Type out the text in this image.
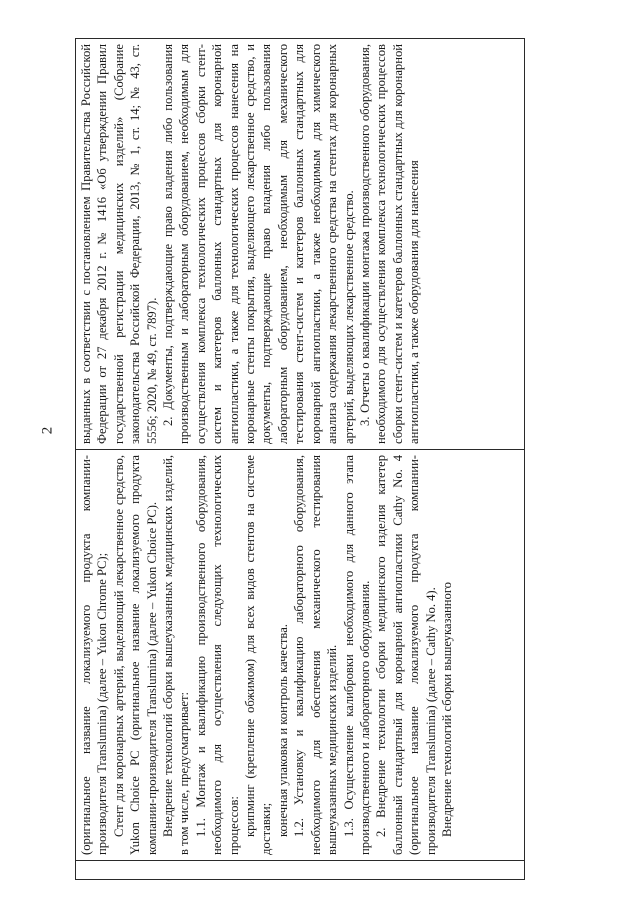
2

(оригинальное название локализуемого продукта компании-производителя Translumina) (далее – Yukon Chrome PC); Стент для коронарных артерий, выделяющий лекарственное средство, Yukon Choice PC (оригинальное название локализуемого продукта компании-производителя Translumina) (далее – Yukon Choice PC). Внедрение технологий сборки вышеуказанных медицинских изделий, в том числе, предусматривает: 1.1. Монтаж и квалификацию производственного оборудования, необходимого для осуществления следующих технологических процессов: крипминг (крепление обжимом) для всех видов стентов на системе доставки; конечная упаковка и контроль качества. 1.2. Установку и квалификацию лабораторного оборудования, необходимого для обеспечения механического тестирования вышеуказанных медицинских изделий. 1.3. Осуществление калибровки необходимого для данного этапа производственного и лабораторного оборудования. 2. Внедрение технологии сборки медицинского изделия катетер баллонный стандартный для коронарной ангиопластики Cathy No. 4 (оригинальное название локализуемого продукта компании-производителя Translumina) (далее – Cathy No. 4). Внедрение технологий сборки вышеуказанного

выданных в соответствии с постановлением Правительства Российской Федерации от 27 декабря 2012 г. № 1416 «Об утверждении Правил государственной регистрации медицинских изделий» (Собрание законодательства Российской Федерации, 2013, № 1, ст. 14; № 43, ст. 5556; 2020, № 49, ст. 7897). 2. Документы, подтверждающие право владения либо пользования производственным и лабораторным оборудованием, необходимым для осуществления комплекса технологических процессов сборки стент-систем и катетеров баллонных стандартных для коронарной ангиопластики, а также для технологических процессов нанесения на коронарные стенты покрытия, выделяющего лекарственное средство, и документы, подтверждающие право владения либо пользования лабораторным оборудованием, необходимым для механического тестирования стент-систем и катетеров баллонных стандартных для коронарной ангиопластики, а также необходимым для химического анализа содержания лекарственного средства на стентах для коронарных артерий, выделяющих лекарственное средство. 3. Отчеты о квалификации монтажа производственного оборудования, необходимого для осуществления комплекса технологических процессов сборки стент-систем и катетеров баллонных стандартных для коронарной ангиопластики, а также оборудования для нанесения
